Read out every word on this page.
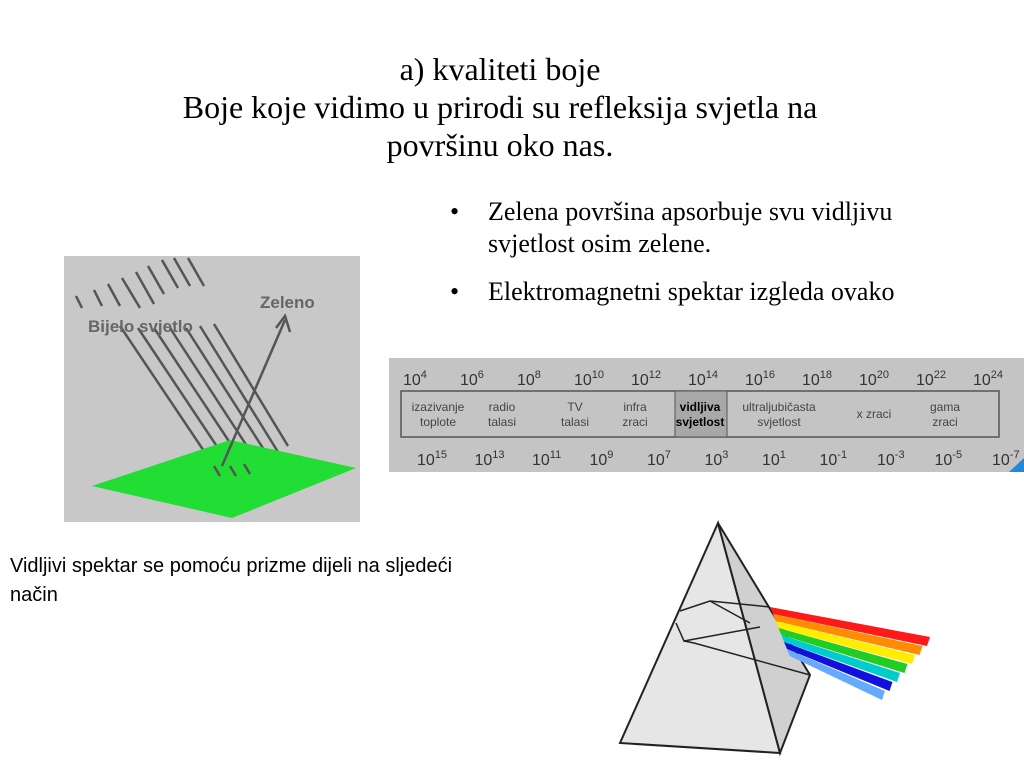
a) kvaliteti boje
Boje koje vidimo u prirodi su refleksija svjetla na
površinu oko nas.
• Zelena površina apsorbuje svu vidljivu svjetlost osim zelene.
• Elektromagnetni spektar izgleda ovako
Vidljivi spektar se pomoću prizme dijeli na sljedeći način
Bijelo svjetlo
Zeleno
$10^4$ $10^6$ $10^8$ $10^{10}$ $10^{12}$ $10^{14}$ $10^{16}$ $10^{18}$ $10^{20}$ $10^{22}$ $10^{24}$
izazivanje
toplote
radio
talasi
TV
talasi
infra
zraci
vidljiva
svjetlost
ultraljubičasta
svjetlost
x zraci	gama
zraci
$10^{15}$ $10^{13}$ $10^{11}$ $10^9$ $10^7$ $10^3$ $10^1$ $10^{-1}$ $10^{-3}$ $10^{-5}$ $10^{-7}$
